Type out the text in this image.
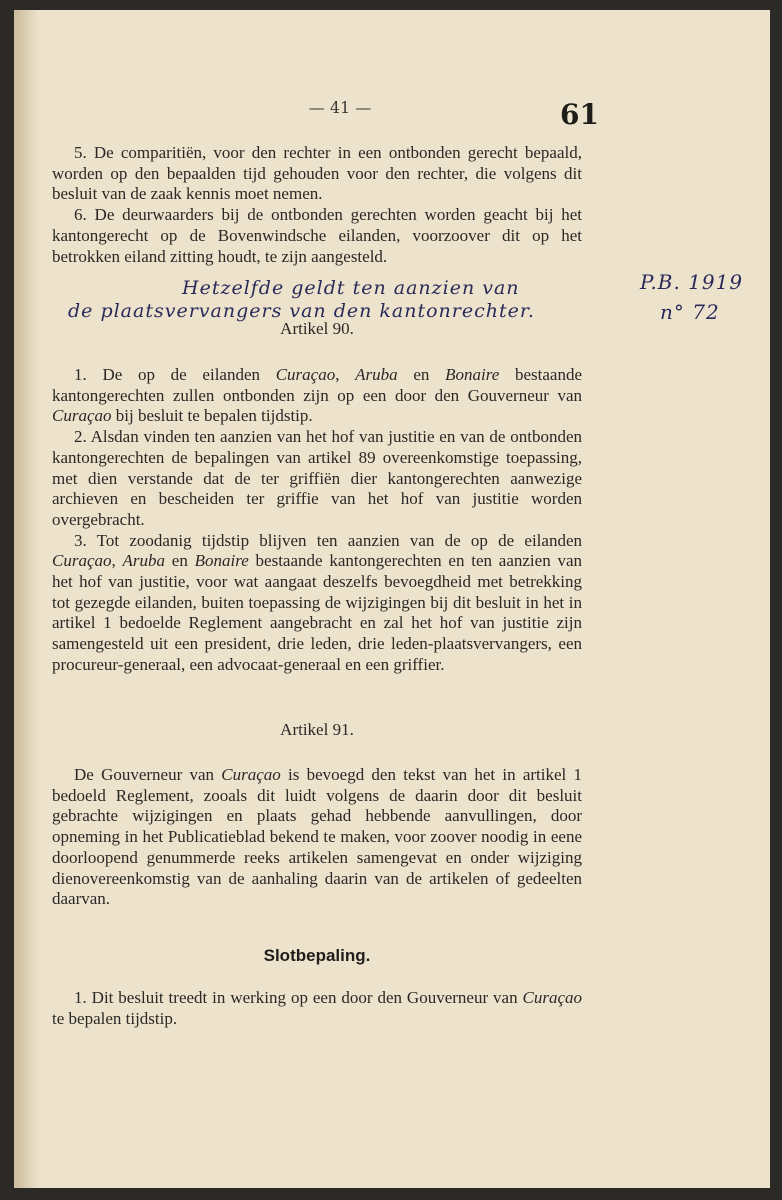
— 41 —	61

5. De comparitiën, voor den rechter in een ontbonden gerecht bepaald, worden op den bepaalden tijd gehouden voor den rechter, die volgens dit besluit van de zaak kennis moet nemen.

6. De deurwaarders bij de ontbonden gerechten worden geacht bij het kantongerecht op de Bovenwindsche eilanden, voorzoover dit op het betrokken eiland zitting houdt, te zijn aangesteld.

Hetzelfde geldt ten aanzien van
de plaatsvervangers van den kantonrechter.
P.B. 1919
n° 72
Artikel 90.

1. De op de eilanden Curaçao, Aruba en Bonaire bestaande kantongerechten zullen ontbonden zijn op een door den Gouverneur van Curaçao bij besluit te bepalen tijdstip.

2. Alsdan vinden ten aanzien van het hof van justitie en van de ontbonden kantongerechten de bepalingen van artikel 89 overeenkomstige toepassing, met dien verstande dat de ter griffiën dier kantongerechten aanwezige archieven en bescheiden ter griffie van het hof van justitie worden overgebracht.

3. Tot zoodanig tijdstip blijven ten aanzien van de op de eilanden Curaçao, Aruba en Bonaire bestaande kantongerechten en ten aanzien van het hof van justitie, voor wat aangaat deszelfs bevoegdheid met betrekking tot gezegde eilanden, buiten toepassing de wijzigingen bij dit besluit in het in artikel 1 bedoelde Reglement aangebracht en zal het hof van justitie zijn samengesteld uit een president, drie leden, drie leden-plaatsvervangers, een procureur-generaal, een advocaat-generaal en een griffier.

Artikel 91.

De Gouverneur van Curaçao is bevoegd den tekst van het in artikel 1 bedoeld Reglement, zooals dit luidt volgens de daarin door dit besluit gebrachte wijzigingen en plaats gehad hebbende aanvullingen, door opneming in het Publicatieblad bekend te maken, voor zoover noodig in eene doorloopend genummerde reeks artikelen samengevat en onder wijziging dienovereenkomstig van de aanhaling daarin van de artikelen of gedeelten daarvan.

Slotbepaling.

1. Dit besluit treedt in werking op een door den Gouverneur van Curaçao te bepalen tijdstip.
